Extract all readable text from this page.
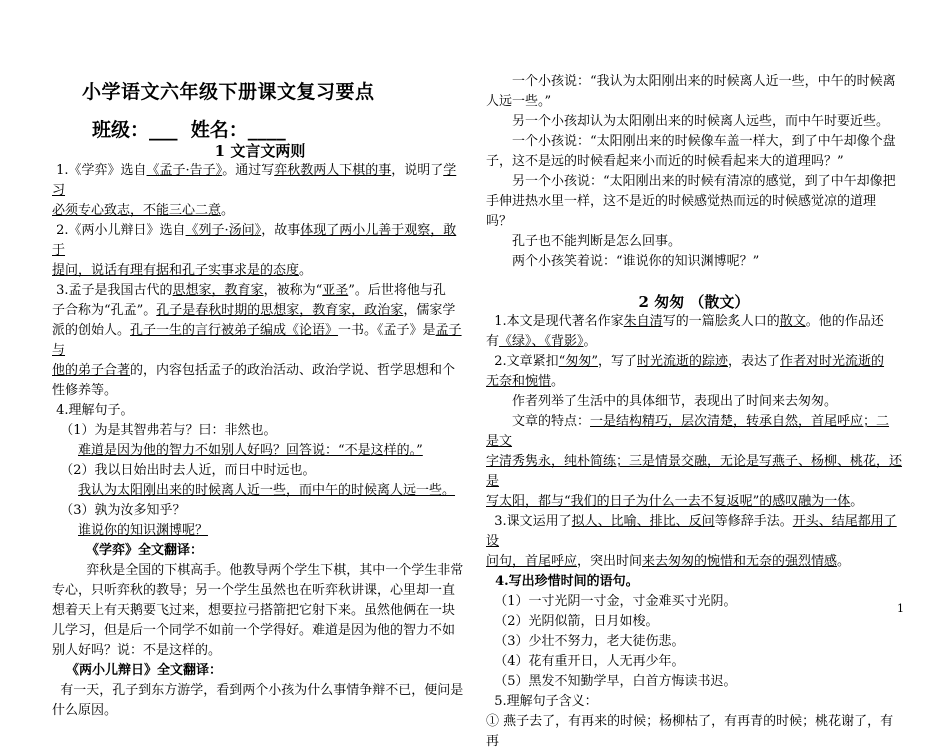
小学语文六年级下册课文复习要点
班级：___ 姓名：____
1 文言文两则

1.《学弈》选自《孟子·告子》。通过写弈秋教两人下棋的事，说明了学习

必须专心致志，不能三心二意。

2.《两小儿辩日》选自《列子·汤问》，故事体现了两小儿善于观察，敢于

提问，说话有理有据和孔子实事求是的态度。

3.孟子是我国古代的思想家，教育家，被称为“亚圣”。后世将他与孔

子合称为“孔孟”。孔子是春秋时期的思想家，教育家，政治家，儒家学

派的创始人。孔子一生的言行被弟子编成《论语》一书。《孟子》是孟子与

他的弟子合著的，内容包括孟子的政治活动、政治学说、哲学思想和个

性修养等。

4.理解句子。

（1）为是其智弗若与？曰：非然也。

难道是因为他的智力不如别人好吗？回答说：“不是这样的。”

（2）我以日始出时去人近，而日中时远也。

我认为太阳刚出来的时候离人近一些，而中午的时候离人远一些。

（3）孰为汝多知乎？

谁说你的知识渊博呢？

《学弈》全文翻译：

弈秋是全国的下棋高手。他教导两个学生下棋，其中一个学生非常

专心，只听弈秋的教导；另一个学生虽然也在听弈秋讲课，心里却一直

想着天上有天鹅要飞过来，想要拉弓搭箭把它射下来。虽然他俩在一块

儿学习，但是后一个同学不如前一个学得好。难道是因为他的智力不如

别人好吗？说：不是这样的。

《两小儿辩日》全文翻译：

有一天，孔子到东方游学，看到两个小孩为什么事情争辩不已，便问是

什么原因。

一个小孩说：“我认为太阳刚出来的时候离人近一些，中午的时候离

人远一些。”

另一个小孩却认为太阳刚出来的时候离人远些，而中午时要近些。

一个小孩说：“太阳刚出来的时候像车盖一样大，到了中午却像个盘

子，这不是远的时候看起来小而近的时候看起来大的道理吗？”

另一个小孩说：“太阳刚出来的时候有清凉的感觉，到了中午却像把

手伸进热水里一样，这不是近的时候感觉热而远的时候感觉凉的道理

吗？

孔子也不能判断是怎么回事。

两个小孩笑着说：“谁说你的知识渊博呢？”

2 匆匆 （散文）

1.本文是现代著名作家朱自清写的一篇脍炙人口的散文。他的作品还

有《绿》、《背影》。

2.文章紧扣“匆匆”，写了时光流逝的踪迹，表达了作者对时光流逝的

无奈和惋惜。

作者列举了生活中的具体细节，表现出了时间来去匆匆。

文章的特点：一是结构精巧，层次清楚，转承自然，首尾呼应；二是文

字清秀隽永，纯朴简练；三是情景交融，无论是写燕子、杨柳、桃花，还是

写太阳，都与“我们的日子为什么一去不复返呢”的感叹融为一体。

3.课文运用了拟人、比喻、排比、反问等修辞手法。开头、结尾都用了设

问句，首尾呼应，突出时间来去匆匆的惋惜和无奈的强烈情感。

4.写出珍惜时间的语句。

（1）一寸光阴一寸金，寸金难买寸光阴。

（2）光阴似箭，日月如梭。

（3）少壮不努力，老大徒伤悲。

（4）花有重开日，人无再少年。

（5）黑发不知勤学早，白首方悔读书迟。

5.理解句子含义：

① 燕子去了，有再来的时候；杨柳枯了，有再青的时候；桃花谢了，有再

1
